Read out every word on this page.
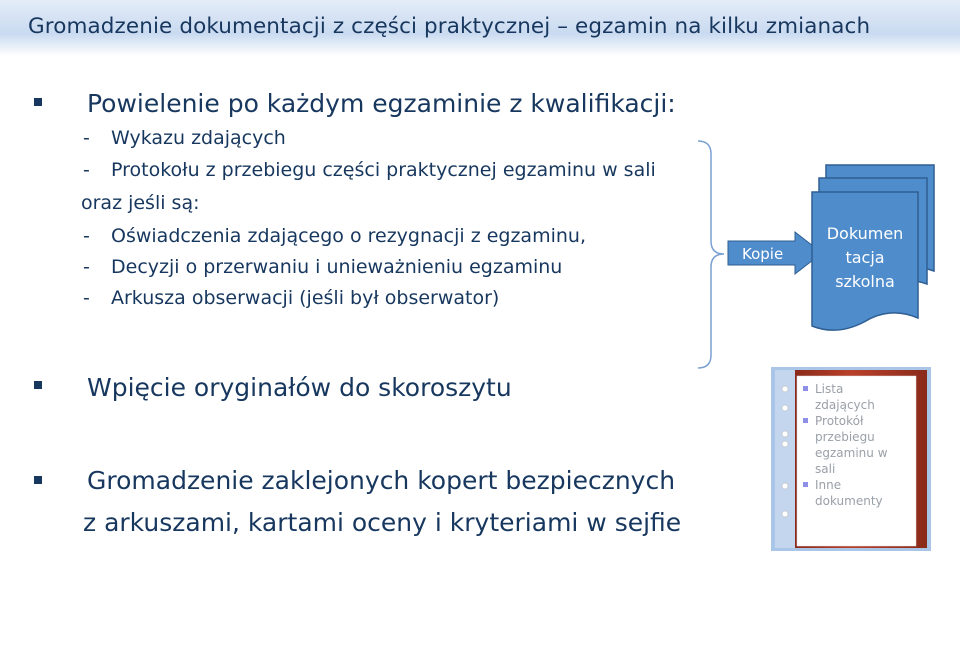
Gromadzenie dokumentacji z części praktycznej – egzamin na kilku zmianach
Powielenie po każdym egzaminie z kwalifikacji:
- Wykazu zdających
- Protokołu z przebiegu części praktycznej egzaminu w sali
oraz jeśli są:
- Oświadczenia zdającego o rezygnacji z egzaminu,
- Decyzji o przerwaniu i unieważnieniu egzaminu
- Arkusza obserwacji (jeśli był obserwator)
Wpięcie oryginałów do skoroszytu
Gromadzenie zaklejonych kopert bezpiecznych
z arkuszami, kartami oceny i kryteriami w sejfie
Kopie
Dokumen
tacja
szkolna
Lista
zdających
Protokół
przebiegu
egzaminu w
sali
Inne
dokumenty
